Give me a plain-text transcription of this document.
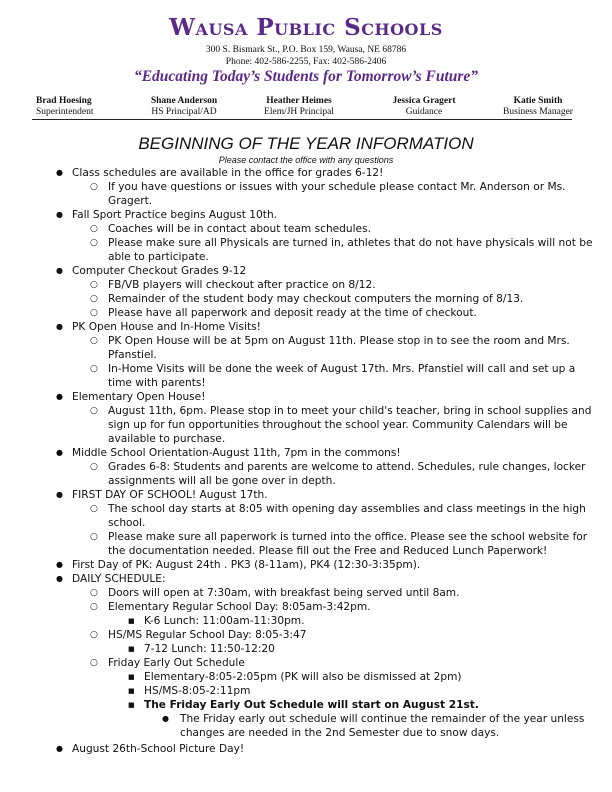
Wausa Public Schools
300 S. Bismark St., P.O. Box 159, Wausa, NE 68786
Phone: 402-586-2255, Fax: 402-586-2406
“Educating Today’s Students for Tomorrow’s Future”
Brad Hoesing
Superintendent
Shane Anderson
HS Principal/AD
Heather Heimes
Elem/JH Principal
Jessica Gragert
Guidance
Katie Smith
Business Manager
BEGINNING OF THE YEAR INFORMATION
Please contact the office with any questions
● Class schedules are available in the office for grades 6-12!
○ If you have questions or issues with your schedule please contact Mr. Anderson or Ms.
Gragert.
● Fall Sport Practice begins August 10th.
○ Coaches will be in contact about team schedules.
○ Please make sure all Physicals are turned in, athletes that do not have physicals will not be
able to participate.
● Computer Checkout Grades 9-12
○ FB/VB players will checkout after practice on 8/12.
○ Remainder of the student body may checkout computers the morning of 8/13.
○ Please have all paperwork and deposit ready at the time of checkout.
● PK Open House and In-Home Visits!
○ PK Open House will be at 5pm on August 11th. Please stop in to see the room and Mrs.
Pfanstiel.
○ In-Home Visits will be done the week of August 17th. Mrs. Pfanstiel will call and set up a
time with parents!
● Elementary Open House!
○ August 11th, 6pm. Please stop in to meet your child's teacher, bring in school supplies and
sign up for fun opportunities throughout the school year. Community Calendars will be
available to purchase.
● Middle School Orientation-August 11th, 7pm in the commons!
○ Grades 6-8: Students and parents are welcome to attend. Schedules, rule changes, locker
assignments will all be gone over in depth.
● FIRST DAY OF SCHOOL! August 17th.
○ The school day starts at 8:05 with opening day assemblies and class meetings in the high
school.
○ Please make sure all paperwork is turned into the office. Please see the school website for
the documentation needed. Please fill out the Free and Reduced Lunch Paperwork!
● First Day of PK: August 24th . PK3 (8-11am), PK4 (12:30-3:35pm).
● DAILY SCHEDULE:
○ Doors will open at 7:30am, with breakfast being served until 8am.
○ Elementary Regular School Day: 8:05am-3:42pm.
■ K-6 Lunch: 11:00am-11:30pm.
○ HS/MS Regular School Day: 8:05-3:47
■ 7-12 Lunch: 11:50-12:20
○ Friday Early Out Schedule
■ Elementary-8:05-2:05pm (PK will also be dismissed at 2pm)
■ HS/MS-8:05-2:11pm
■ The Friday Early Out Schedule will start on August 21st.
● The Friday early out schedule will continue the remainder of the year unless
changes are needed in the 2nd Semester due to snow days.
● August 26th-School Picture Day!
